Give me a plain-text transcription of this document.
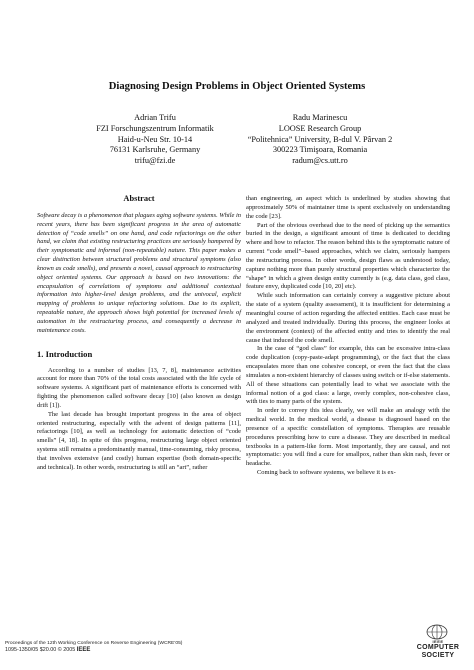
Diagnosing Design Problems in Object Oriented Systems
Adrian Trifu
FZI Forschungszentrum Informatik
Haid-u-Neu Str. 10-14
76131 Karlsruhe, Germany
trifu@fzi.de
Radu Marinescu
LOOSE Research Group
“Politehnica” University, B-dul V. Pârvan 2
300223 Timişoara, Romania
radum@cs.utt.ro
Abstract

Software decay is a phenomenon that plagues aging software systems. While in recent years, there has been significant progress in the area of automatic detection of “code smells” on one hand, and code refactorings on the other hand, we claim that existing restructuring practices are seriously hampered by their symptomatic and informal (non-repeatable) nature. This paper makes a clear distinction between structural problems and structural symptoms (also known as code smells), and presents a novel, causal approach to restructuring object oriented systems. Our approach is based on two innovations: the encapsulation of correlations of symptoms and additional contextual information into higher-level design problems, and the univocal, explicit mapping of problems to unique refactoring solutions. Due to its explicit, repeatable nature, the approach shows high potential for increased levels of automation in the restructuring process, and consequently a decrease in maintenance costs.

1. Introduction

According to a number of studies [13, 7, 8], maintenance activities account for more than 70% of the total costs associated with the life cycle of software systems. A significant part of maintenance efforts is concerned with fighting the phenomenon called software decay [10] (also known as design drift [1]).

The last decade has brought important progress in the area of object oriented restructuring, especially with the advent of design patterns [11], refactorings [10], as well as technology for automatic detection of “code smells” [4, 18]. In spite of this progress, restructuring large object oriented systems still remains a predominantly manual, time-consuming, risky process, that involves extensive (and costly) human expertise (both domain-specific and technical). In other words, restructuring is still an “art”, rather

than engineering, an aspect which is underlined by studies showing that approximately 50% of maintainer time is spent exclusively on understanding the code [23].

Part of the obvious overhead due to the need of picking up the semantics buried in the design, a significant amount of time is dedicated to deciding where and how to refactor. The reason behind this is the symptomatic nature of current “code smell”–based approaches, which we claim, seriously hampers the restructuring process. In other words, design flaws as understood today, capture nothing more than purely structural properties which characterize the “shape” in which a given design entity currently is (e.g. data class, god class, feature envy, duplicated code [10, 20] etc).

While such information can certainly convey a suggestive picture about the state of a system (quality assessment), it is insufficient for determining a meaningful course of action regarding the affected entities. Each case must be analyzed and treated individually. During this process, the engineer looks at the environment (context) of the affected entity and tries to identify the real cause that induced the code smell.

In the case of “god class” for example, this can be excessive intra-class code duplication (copy-paste-adapt programming), or the fact that the class encapsulates more than one cohesive concept, or even the fact that the class simulates a non-existent hierarchy of classes using switch or if-else statements. All of these situations can potentially lead to what we associate with the informal notion of a god class: a large, overly complex, non-cohesive class, with ties to many parts of the system.

In order to convey this idea clearly, we will make an analogy with the medical world. In the medical world, a disease is diagnosed based on the presence of a specific constellation of symptoms. Therapies are reusable procedures prescribing how to cure a disease. They are described in medical textbooks in a pattern-like form. Most importantly, they are causal, and not symptomatic: you will find a cure for smallpox, rather than skin rash, fever or headache.

Coming back to software systems, we believe it is ex-

Proceedings of the 12th Working Conference on Reverse Engineering (WCRE’05)
1095-1350/05 $20.00 © 2005 IEEE
IEEE
COMPUTER
SOCIETY
